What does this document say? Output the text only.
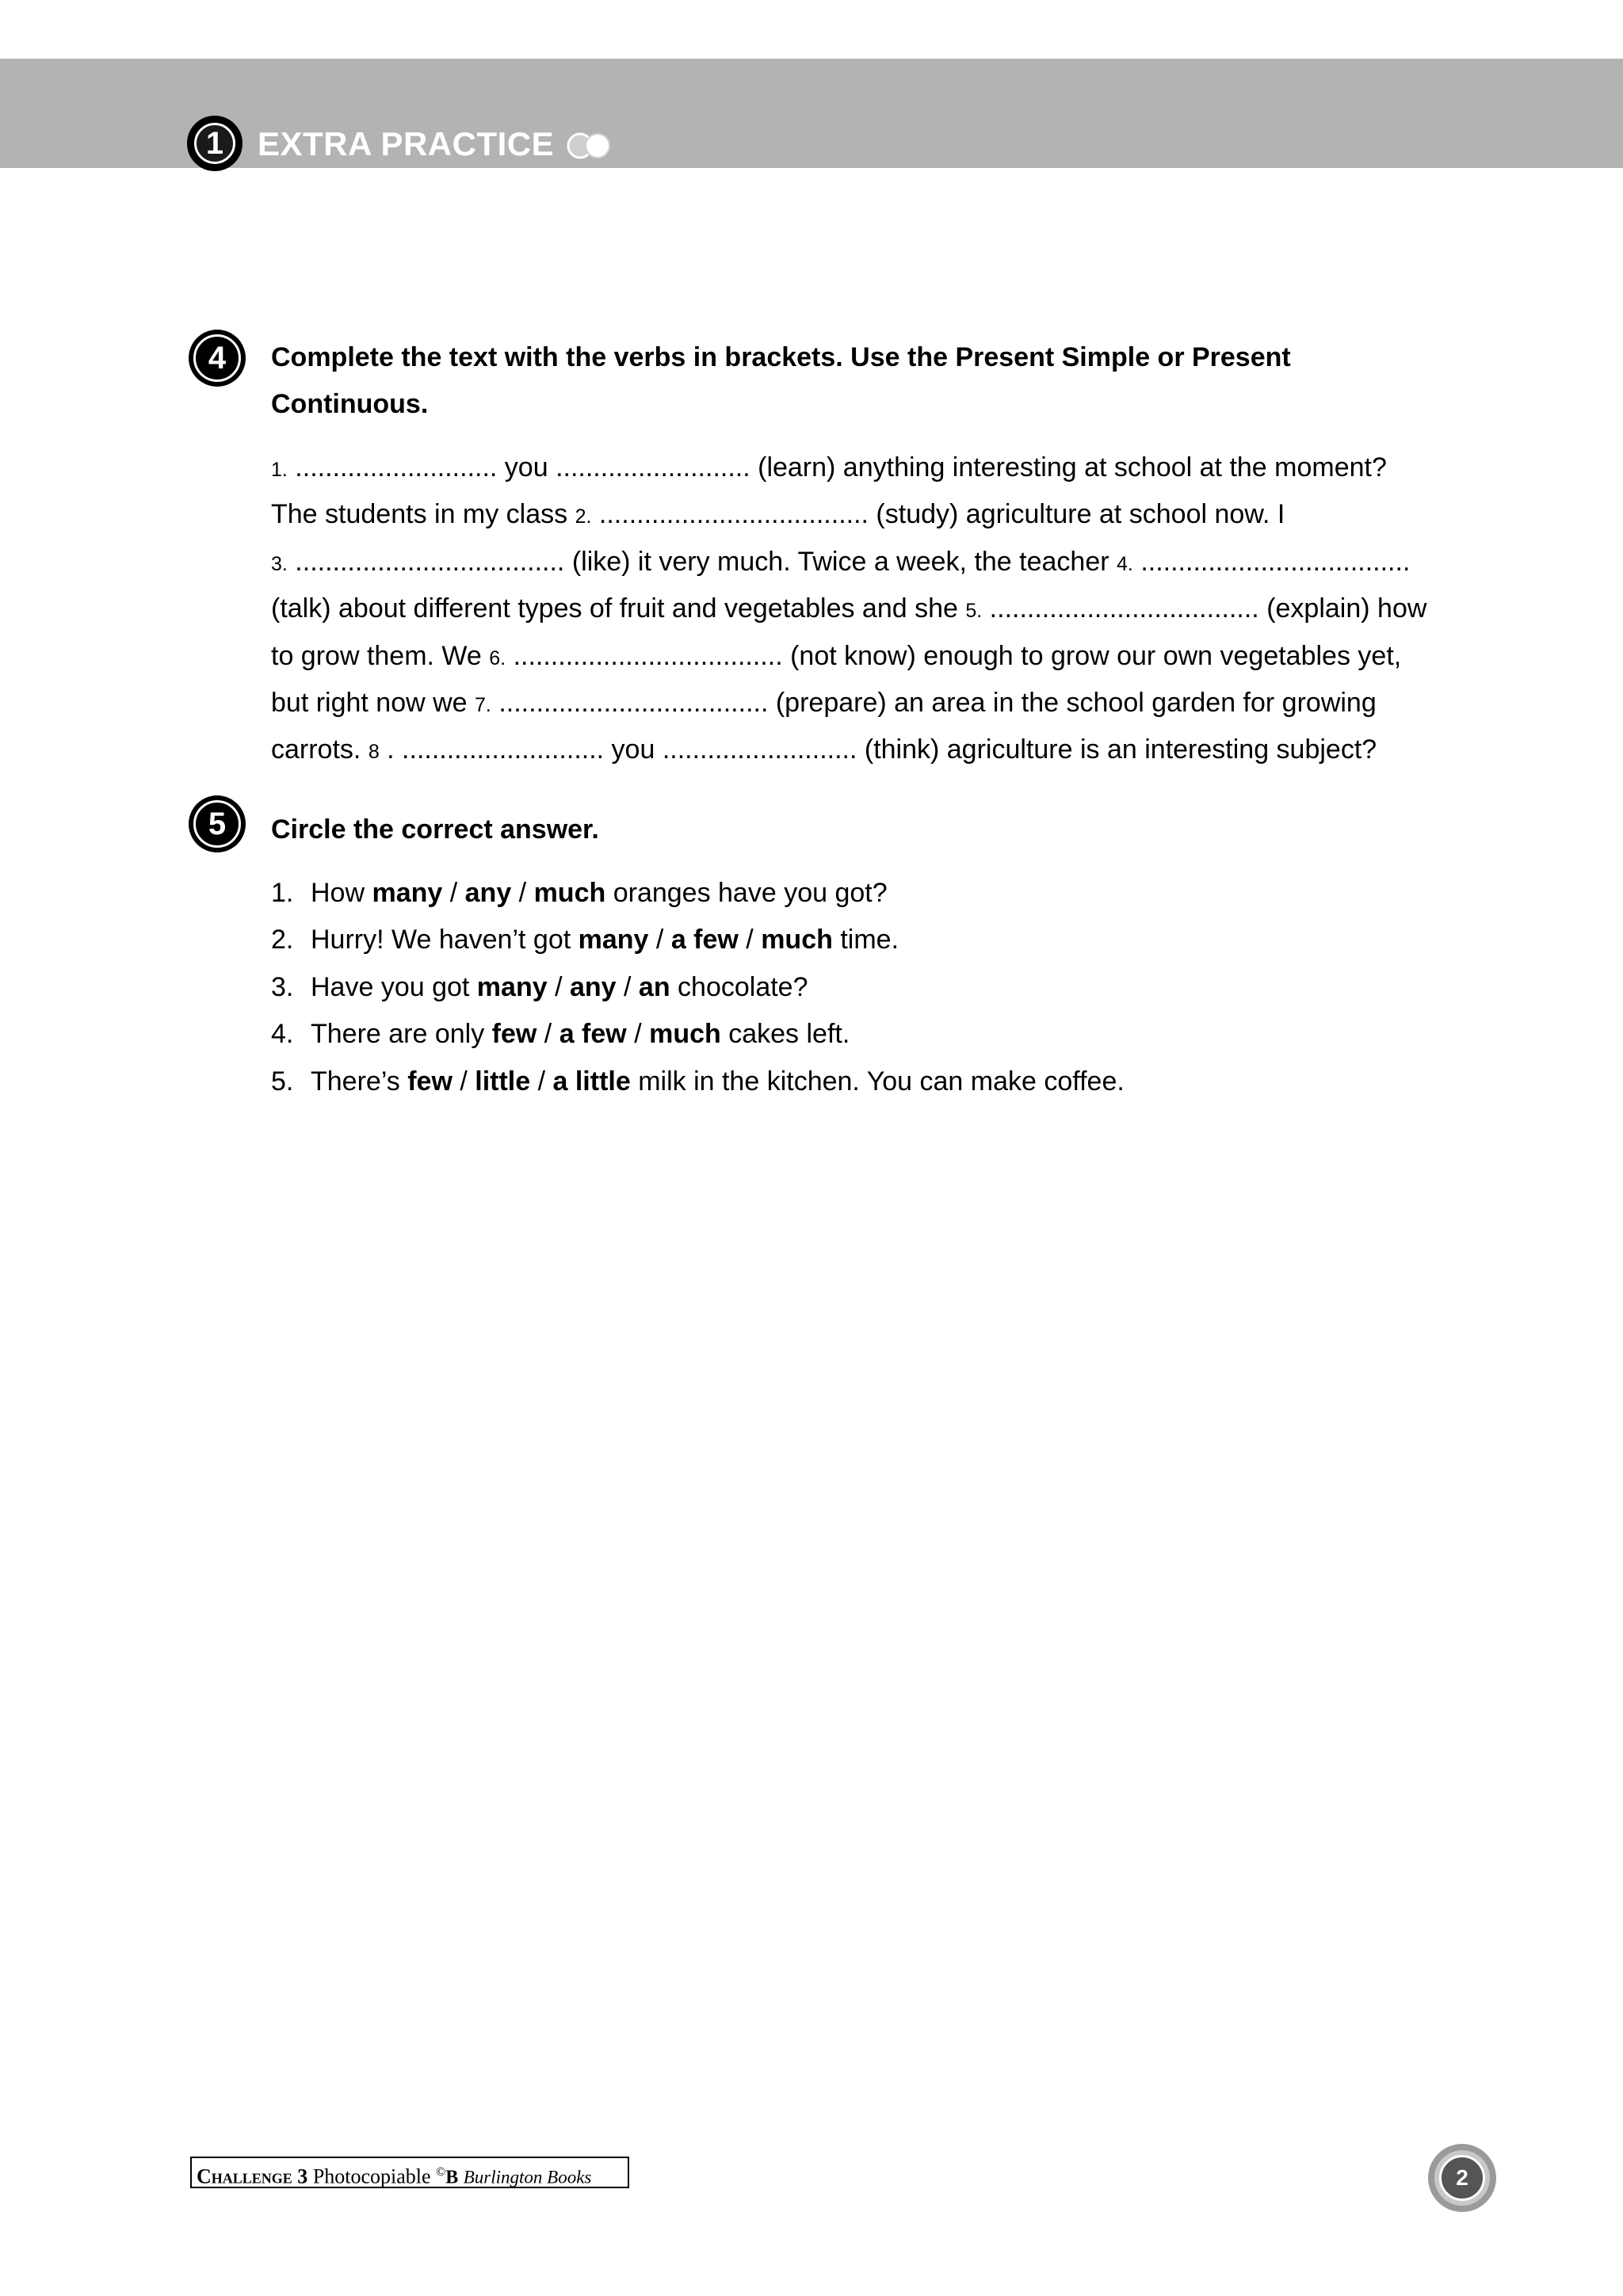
1	EXTRA PRACTICE
4	Complete the text with the verbs in brackets. Use the Present Simple or Present
Continuous.
1. ........................... you .......................... (learn) anything interesting at school at the moment?
The students in my class 2. .................................... (study) agriculture at school now. I
3. .................................... (like) it very much. Twice a week, the teacher 4. ....................................
(talk) about different types of fruit and vegetables and she 5. .................................... (explain) how
to grow them. We 6. .................................... (not know) enough to grow our own vegetables yet,
but right now we 7. .................................... (prepare) an area in the school garden for growing
carrots. 8 . ........................... you .......................... (think) agriculture is an interesting subject?
5	Circle the correct answer.
1. How many / any / much oranges have you got?
2. Hurry! We haven’t got many / a few / much time.
3. Have you got many / any / an chocolate?
4. There are only few / a few / much cakes left.
5. There’s few / little / a little milk in the kitchen. You can make coffee.
Challenge 3 Photocopiable ©B Burlington Books	2
